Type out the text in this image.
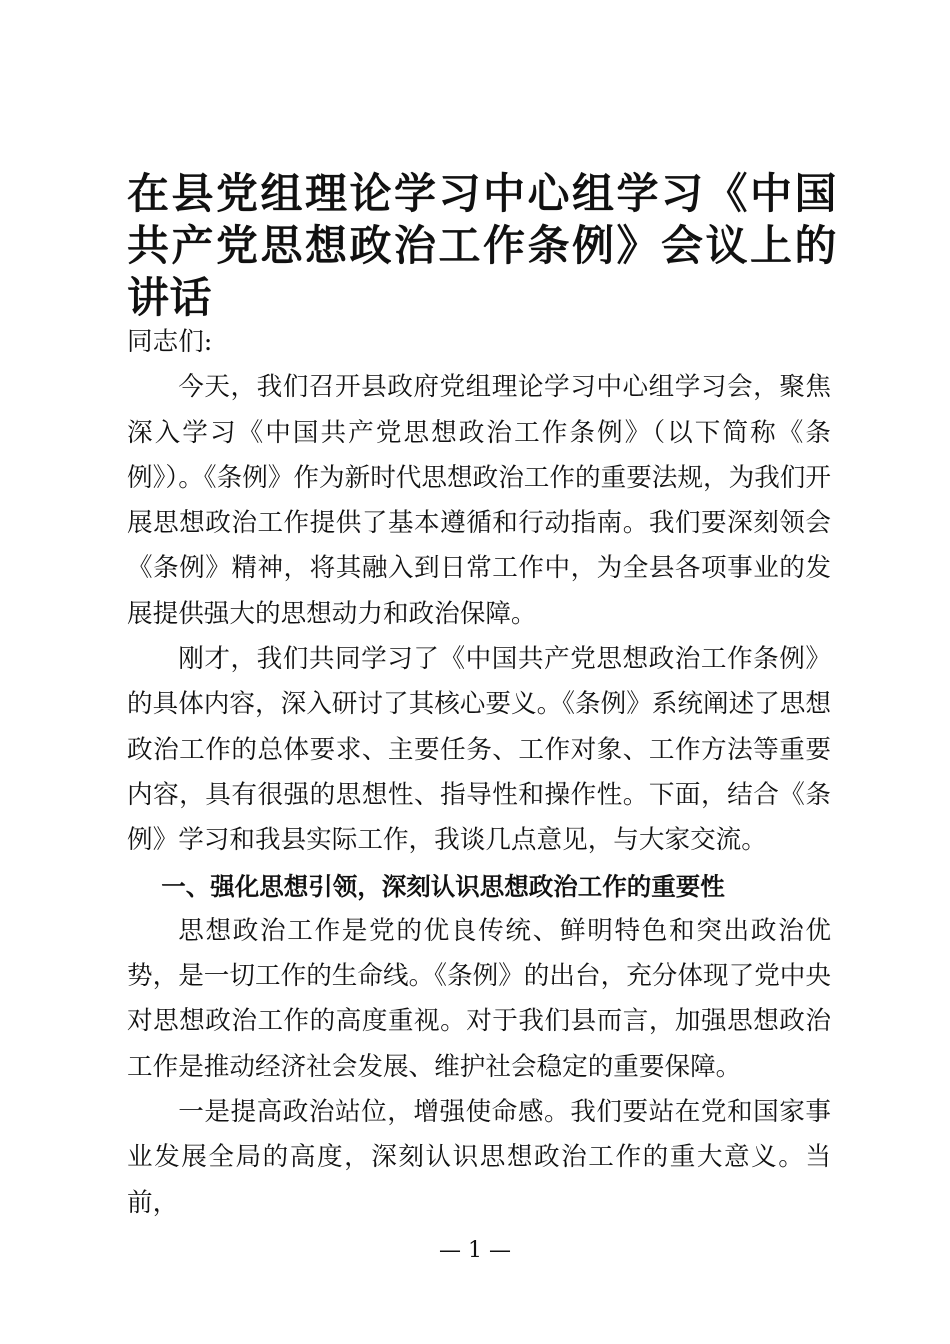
在县党组理论学习中心组学习《中国共产党思想政治工作条例》会议上的讲话

同志们:

今天，我们召开县政府党组理论学习中心组学习会，聚焦深入学习《中国共产党思想政治工作条例》（以下简称《条例》）。《条例》作为新时代思想政治工作的重要法规，为我们开展思想政治工作提供了基本遵循和行动指南。我们要深刻领会《条例》精神，将其融入到日常工作中，为全县各项事业的发展提供强大的思想动力和政治保障。

刚才，我们共同学习了《中国共产党思想政治工作条例》的具体内容，深入研讨了其核心要义。《条例》系统阐述了思想政治工作的总体要求、主要任务、工作对象、工作方法等重要内容，具有很强的思想性、指导性和操作性。下面，结合《条例》学习和我县实际工作，我谈几点意见，与大家交流。

一、强化思想引领，深刻认识思想政治工作的重要性

思想政治工作是党的优良传统、鲜明特色和突出政治优势，是一切工作的生命线。《条例》的出台，充分体现了党中央对思想政治工作的高度重视。对于我们县而言，加强思想政治工作是推动经济社会发展、维护社会稳定的重要保障。

一是提高政治站位，增强使命感。我们要站在党和国家事业发展全局的高度，深刻认识思想政治工作的重大意义。当前，

— 1 —
